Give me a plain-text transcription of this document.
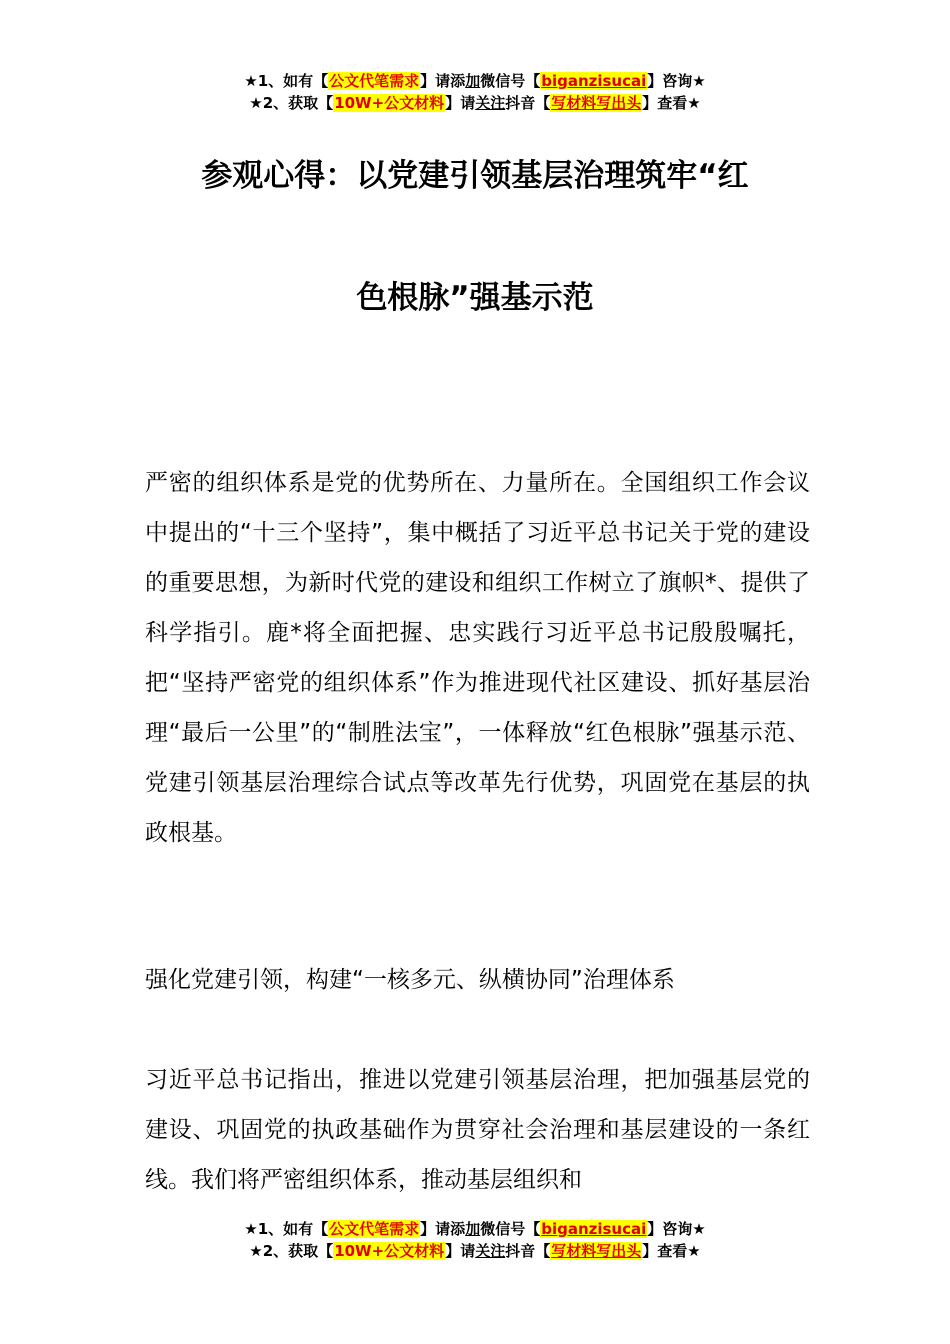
★1、如有【公文代笔需求】请添加微信号【biganzisucai】咨询★
★2、获取【10W+公文材料】请关注抖音【写材料写出头】查看★
参观心得：以党建引领基层治理筑牢“红
色根脉”强基示范

严密的组织体系是党的优势所在、力量所在。全国组织工作会议中提出的“十三个坚持”，集中概括了习近平总书记关于党的建设的重要思想，为新时代党的建设和组织工作树立了旗帜*、提供了科学指引。鹿*将全面把握、忠实践行习近平总书记殷殷嘱托，把“坚持严密党的组织体系”作为推进现代社区建设、抓好基层治理“最后一公里”的“制胜法宝”，一体释放“红色根脉”强基示范、党建引领基层治理综合试点等改革先行优势，巩固党在基层的执政根基。

强化党建引领，构建“一核多元、纵横协同”治理体系

习近平总书记指出，推进以党建引领基层治理，把加强基层党的建设、巩固党的执政基础作为贯穿社会治理和基层建设的一条红线。我们将严密组织体系，推动基层组织和

★1、如有【公文代笔需求】请添加微信号【biganzisucai】咨询★
★2、获取【10W+公文材料】请关注抖音【写材料写出头】查看★
